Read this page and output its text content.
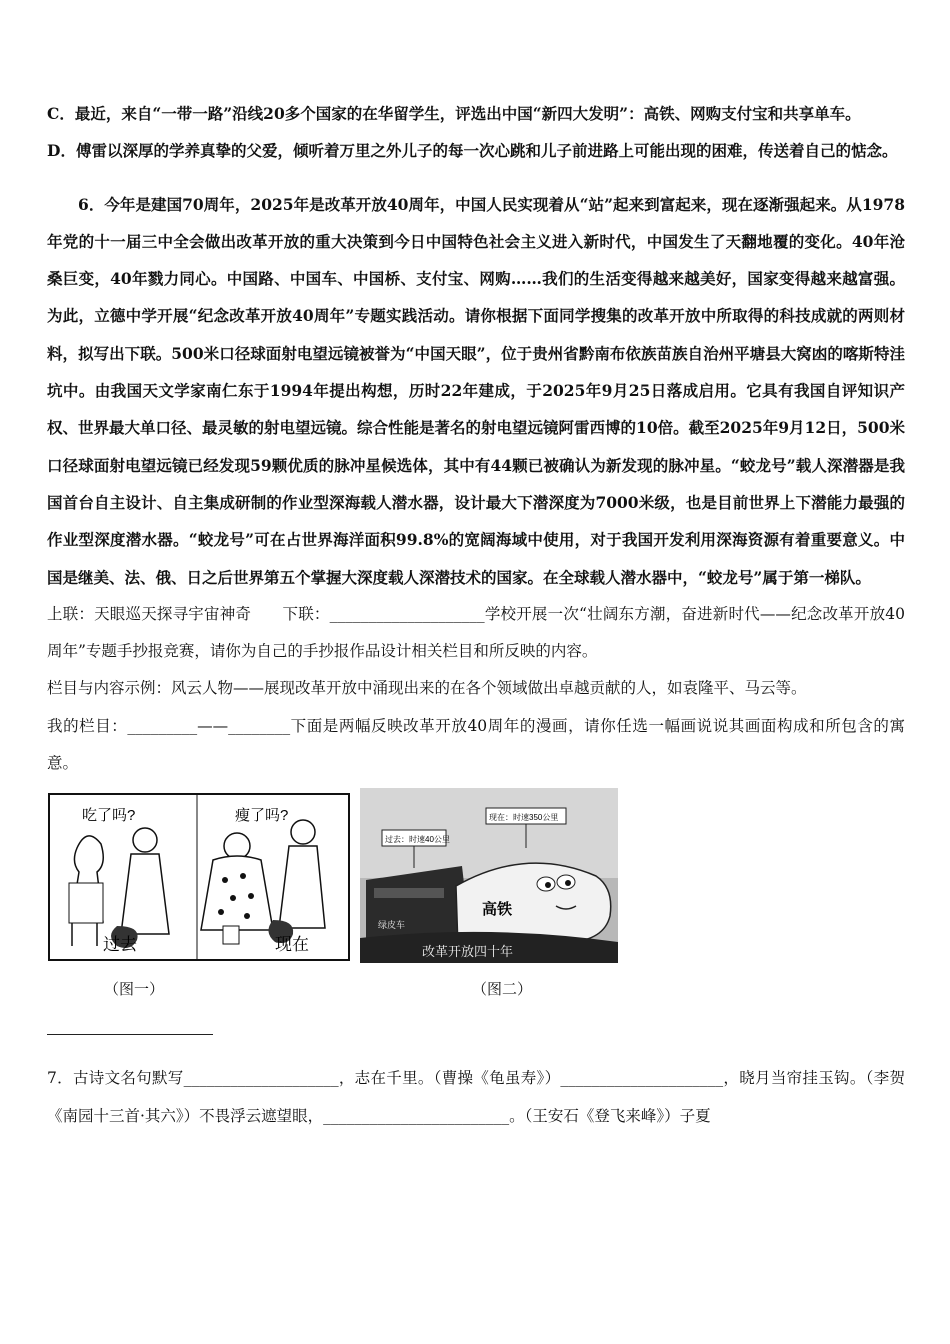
C．最近，来自“一带一路”沿线20多个国家的在华留学生，评选出中国“新四大发明”：高铁、网购支付宝和共享单车。

D．傅雷以深厚的学养真挚的父爱，倾听着万里之外儿子的每一次心跳和儿子前进路上可能出现的困难，传送着自己的惦念。

6．今年是建国70周年，2025年是改革开放40周年，中国人民实现着从“站”起来到富起来，现在逐渐强起来。从1978年党的十一届三中全会做出改革开放的重大决策到今日中国特色社会主义进入新时代，中国发生了天翻地覆的变化。40年沧桑巨变，40年戮力同心。中国路、中国车、中国桥、支付宝、网购……我们的生活变得越来越美好，国家变得越来越富强。为此，立德中学开展“纪念改革开放40周年”专题实践活动。请你根据下面同学搜集的改革开放中所取得的科技成就的两则材料，拟写出下联。500米口径球面射电望远镜被誉为“中国天眼”，位于贵州省黔南布依族苗族自治州平塘县大窝凼的喀斯特洼坑中。由我国天文学家南仁东于1994年提出构想，历时22年建成，于2025年9月25日落成启用。它具有我国自评知识产权、世界最大单口径、最灵敏的射电望远镜。综合性能是著名的射电望远镜阿雷西博的10倍。截至2025年9月12日，500米口径球面射电望远镜已经发现59颗优质的脉冲星候选体，其中有44颗已被确认为新发现的脉冲星。“蛟龙号”载人深潜器是我国首台自主设计、自主集成研制的作业型深海载人潜水器，设计最大下潜深度为7000米级，也是目前世界上下潜能力最强的作业型深度潜水器。“蛟龙号”可在占世界海洋面积99.8%的宽阔海域中使用，对于我国开发利用深海资源有着重要意义。中国是继美、法、俄、日之后世界第五个掌握大深度载人深潜技术的国家。在全球载人潜水器中，“蛟龙号”属于第一梯队。

上联：天眼巡天探寻宇宙神奇　　下联：____________________学校开展一次“壮阔东方潮，奋进新时代——纪念改革开放40周年”专题手抄报竞赛，请你为自己的手抄报作品设计相关栏目和所反映的内容。

栏目与内容示例：风云人物——展现改革开放中涌现出来的在各个领域做出卓越贡献的人，如袁隆平、马云等。

我的栏目：_________——________下面是两幅反映改革开放40周年的漫画，请你任选一幅画说说其画面构成和所包含的寓意。

吃了吗?	瘦了吗?
过去	现在
过去：时速40公里
现在：时速350公里
绿皮车
高铁
改革开放四十年
（图一）	（图二）

7．古诗文名句默写____________________，志在千里。（曹操《龟虽寿》）_____________________，晓月当帘挂玉钩。（李贺《南园十三首·其六》）不畏浮云遮望眼，________________________。（王安石《登飞来峰》）子夏
